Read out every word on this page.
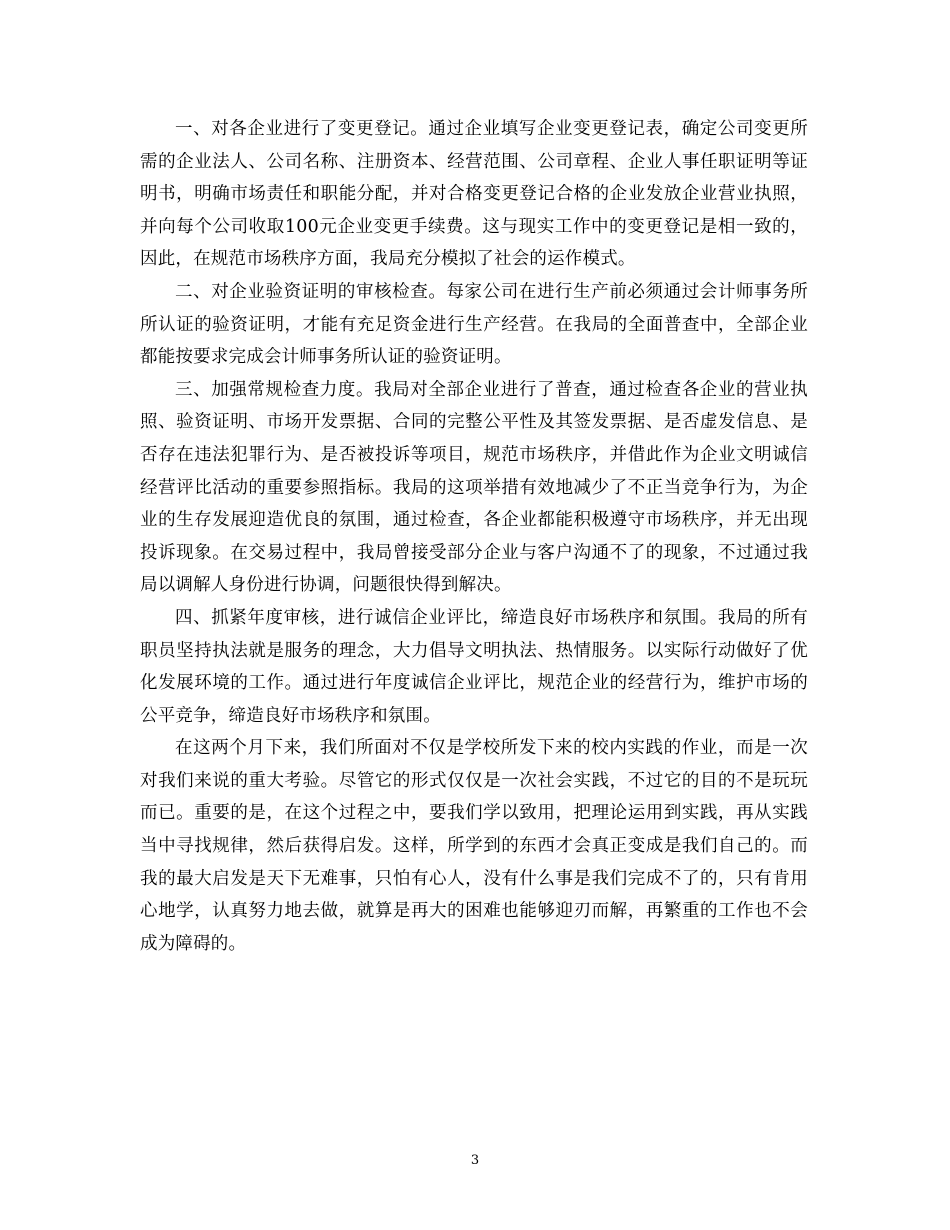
一、对各企业进行了变更登记。通过企业填写企业变更登记表，确定公司变更所需的企业法人、公司名称、注册资本、经营范围、公司章程、企业人事任职证明等证明书，明确市场责任和职能分配，并对合格变更登记合格的企业发放企业营业执照，并向每个公司收取100元企业变更手续费。这与现实工作中的变更登记是相一致的，因此，在规范市场秩序方面，我局充分模拟了社会的运作模式。

二、对企业验资证明的审核检查。每家公司在进行生产前必须通过会计师事务所所认证的验资证明，才能有充足资金进行生产经营。在我局的全面普查中，全部企业都能按要求完成会计师事务所认证的验资证明。

三、加强常规检查力度。我局对全部企业进行了普查，通过检查各企业的营业执照、验资证明、市场开发票据、合同的完整公平性及其签发票据、是否虚发信息、是否存在违法犯罪行为、是否被投诉等项目，规范市场秩序，并借此作为企业文明诚信经营评比活动的重要参照指标。我局的这项举措有效地减少了不正当竞争行为，为企业的生存发展迎造优良的氛围，通过检查，各企业都能积极遵守市场秩序，并无出现投诉现象。在交易过程中，我局曾接受部分企业与客户沟通不了的现象，不过通过我局以调解人身份进行协调，问题很快得到解决。

四、抓紧年度审核，进行诚信企业评比，缔造良好市场秩序和氛围。我局的所有职员坚持执法就是服务的理念，大力倡导文明执法、热情服务。以实际行动做好了优化发展环境的工作。通过进行年度诚信企业评比，规范企业的经营行为，维护市场的公平竞争，缔造良好市场秩序和氛围。

在这两个月下来，我们所面对不仅是学校所发下来的校内实践的作业，而是一次对我们来说的重大考验。尽管它的形式仅仅是一次社会实践，不过它的目的不是玩玩而已。重要的是，在这个过程之中，要我们学以致用，把理论运用到实践，再从实践当中寻找规律，然后获得启发。这样，所学到的东西才会真正变成是我们自己的。而我的最大启发是天下无难事，只怕有心人，没有什么事是我们完成不了的，只有肯用心地学，认真努力地去做，就算是再大的困难也能够迎刃而解，再繁重的工作也不会成为障碍的。

3
